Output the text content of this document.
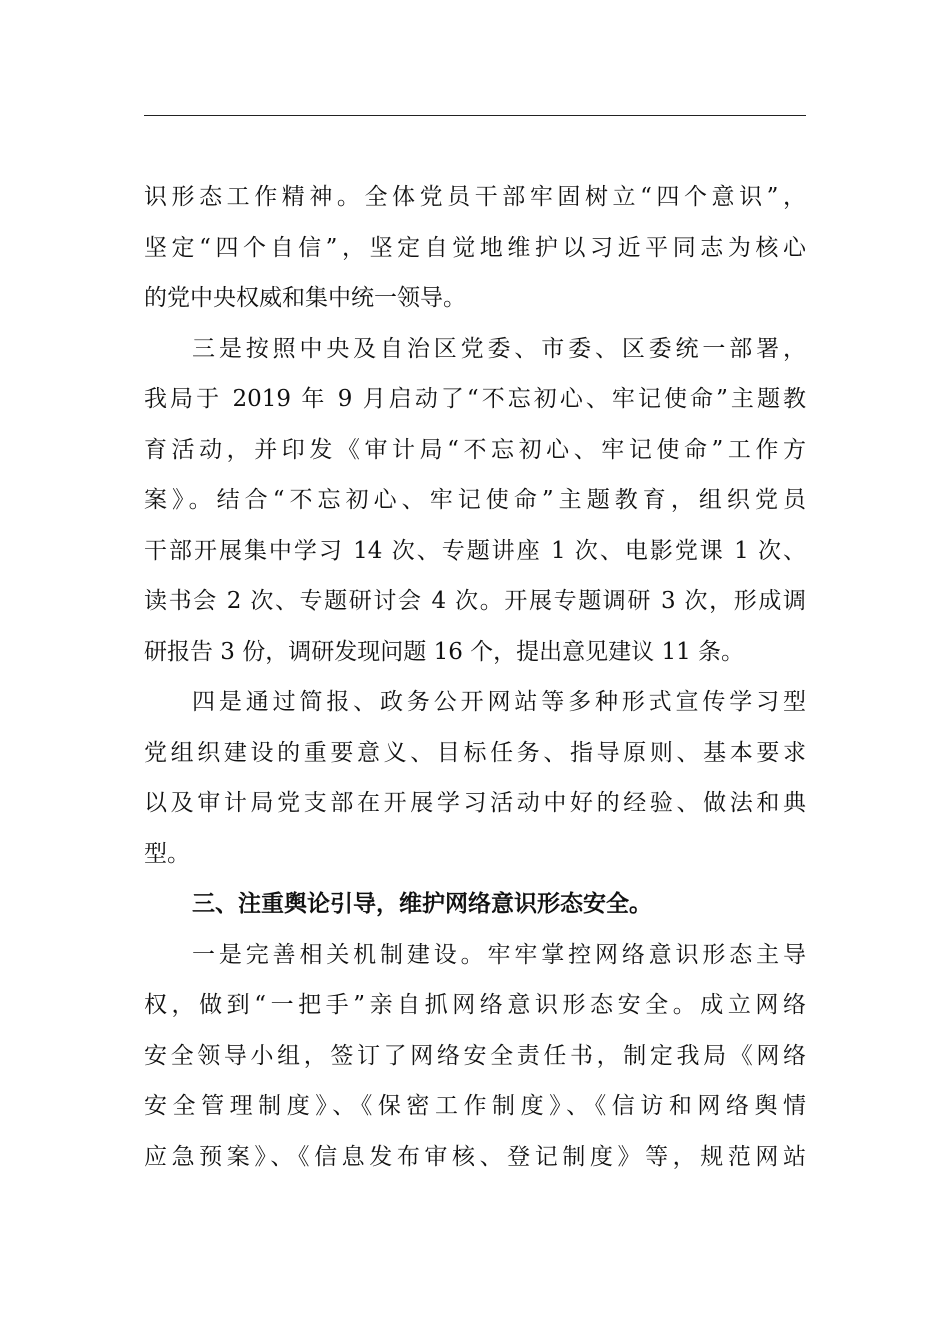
识形态工作精神。全体党员干部牢固树立“四个意识”，
坚定“四个自信”，坚定自觉地维护以习近平同志为核心
的党中央权威和集中统一领导。
三是按照中央及自治区党委、市委、区委统一部署，
我局于 2019 年 9 月启动了“不忘初心、牢记使命”主题教
育活动，并印发《审计局“不忘初心、牢记使命”工作方
案》。结合“不忘初心、牢记使命”主题教育，组织党员
干部开展集中学习 14 次、专题讲座 1 次、电影党课 1 次、
读书会 2 次、专题研讨会 4 次。开展专题调研 3 次，形成调
研报告 3 份，调研发现问题 16 个，提出意见建议 11 条。
四是通过简报、政务公开网站等多种形式宣传学习型
党组织建设的重要意义、目标任务、指导原则、基本要求
以及审计局党支部在开展学习活动中好的经验、做法和典
型。
三、注重舆论引导，维护网络意识形态安全。
一是完善相关机制建设。牢牢掌控网络意识形态主导
权，做到“一把手”亲自抓网络意识形态安全。成立网络
安全领导小组，签订了网络安全责任书，制定我局《网络
安全管理制度》、《保密工作制度》、《信访和网络舆情
应急预案》、《信息发布审核、登记制度》等，规范网站
